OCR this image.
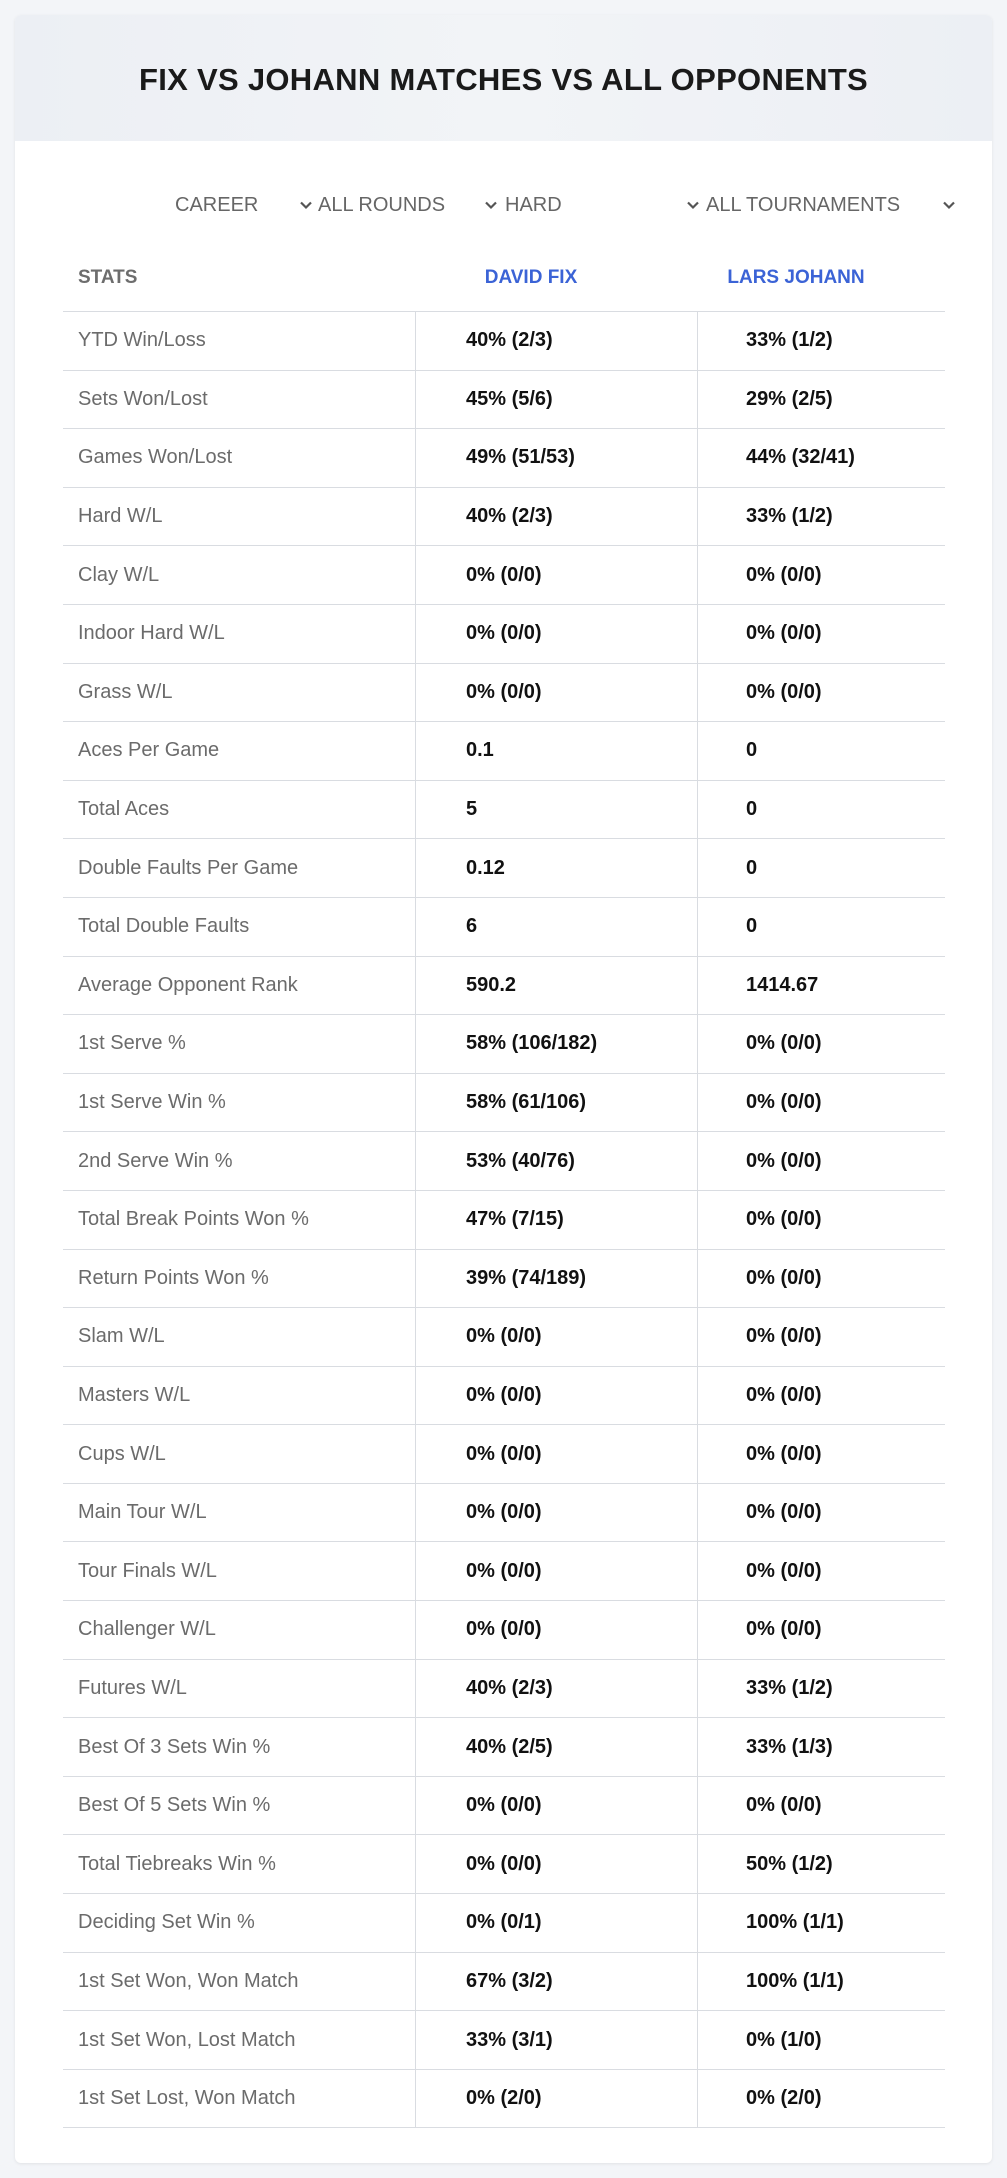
FIX VS JOHANN MATCHES VS ALL OPPONENTS
CAREER	ALL ROUNDS	HARD	ALL TOURNAMENTS
STATS	DAVID FIX	LARS JOHANN
YTD Win/Loss	40% (2/3)	33% (1/2)
Sets Won/Lost	45% (5/6)	29% (2/5)
Games Won/Lost	49% (51/53)	44% (32/41)
Hard W/L	40% (2/3)	33% (1/2)
Clay W/L	0% (0/0)	0% (0/0)
Indoor Hard W/L	0% (0/0)	0% (0/0)
Grass W/L	0% (0/0)	0% (0/0)
Aces Per Game	0.1	0
Total Aces	5	0
Double Faults Per Game	0.12	0
Total Double Faults	6	0
Average Opponent Rank	590.2	1414.67
1st Serve %	58% (106/182)	0% (0/0)
1st Serve Win %	58% (61/106)	0% (0/0)
2nd Serve Win %	53% (40/76)	0% (0/0)
Total Break Points Won %	47% (7/15)	0% (0/0)
Return Points Won %	39% (74/189)	0% (0/0)
Slam W/L	0% (0/0)	0% (0/0)
Masters W/L	0% (0/0)	0% (0/0)
Cups W/L	0% (0/0)	0% (0/0)
Main Tour W/L	0% (0/0)	0% (0/0)
Tour Finals W/L	0% (0/0)	0% (0/0)
Challenger W/L	0% (0/0)	0% (0/0)
Futures W/L	40% (2/3)	33% (1/2)
Best Of 3 Sets Win %	40% (2/5)	33% (1/3)
Best Of 5 Sets Win %	0% (0/0)	0% (0/0)
Total Tiebreaks Win %	0% (0/0)	50% (1/2)
Deciding Set Win %	0% (0/1)	100% (1/1)
1st Set Won, Won Match	67% (3/2)	100% (1/1)
1st Set Won, Lost Match	33% (3/1)	0% (1/0)
1st Set Lost, Won Match	0% (2/0)	0% (2/0)
